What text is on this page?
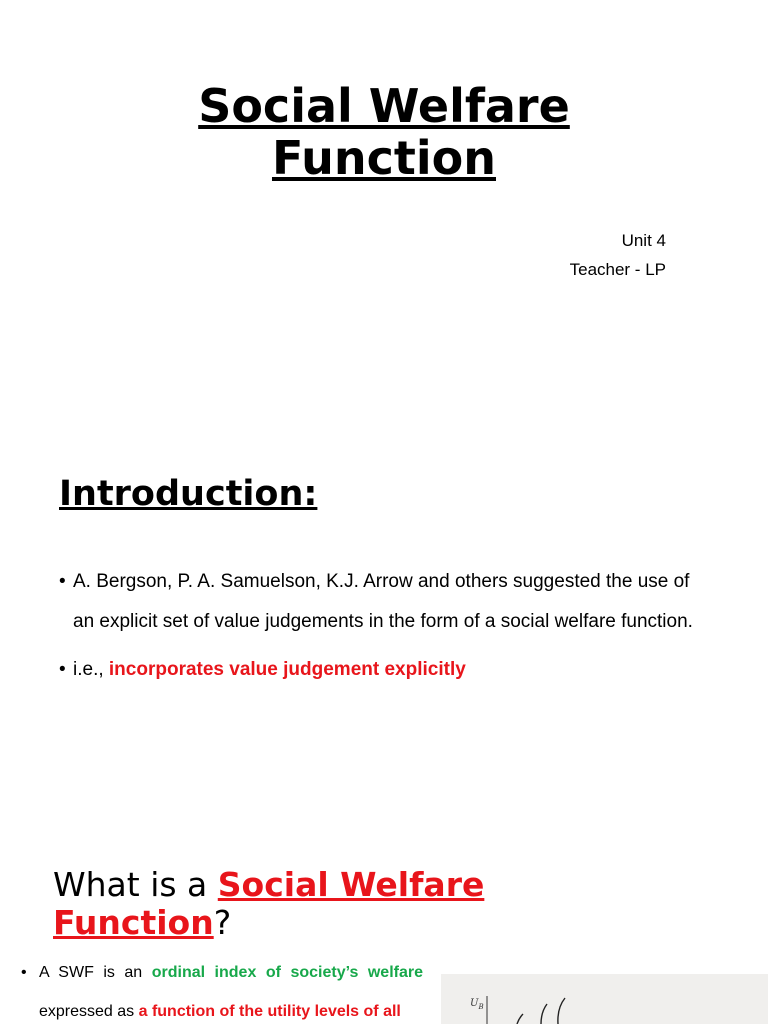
Social Welfare
Function
Unit 4
Teacher - LP
Introduction:
• A. Bergson, P. A. Samuelson, K.J. Arrow and others suggested the use of an explicit set of value judgements in the form of a social welfare function.
• i.e., incorporates value judgement explicitly
What is a Social Welfare Function?
• A SWF is an ordinal index of society’s welfare
expressed as a function of the utility levels of all	$U_B$
